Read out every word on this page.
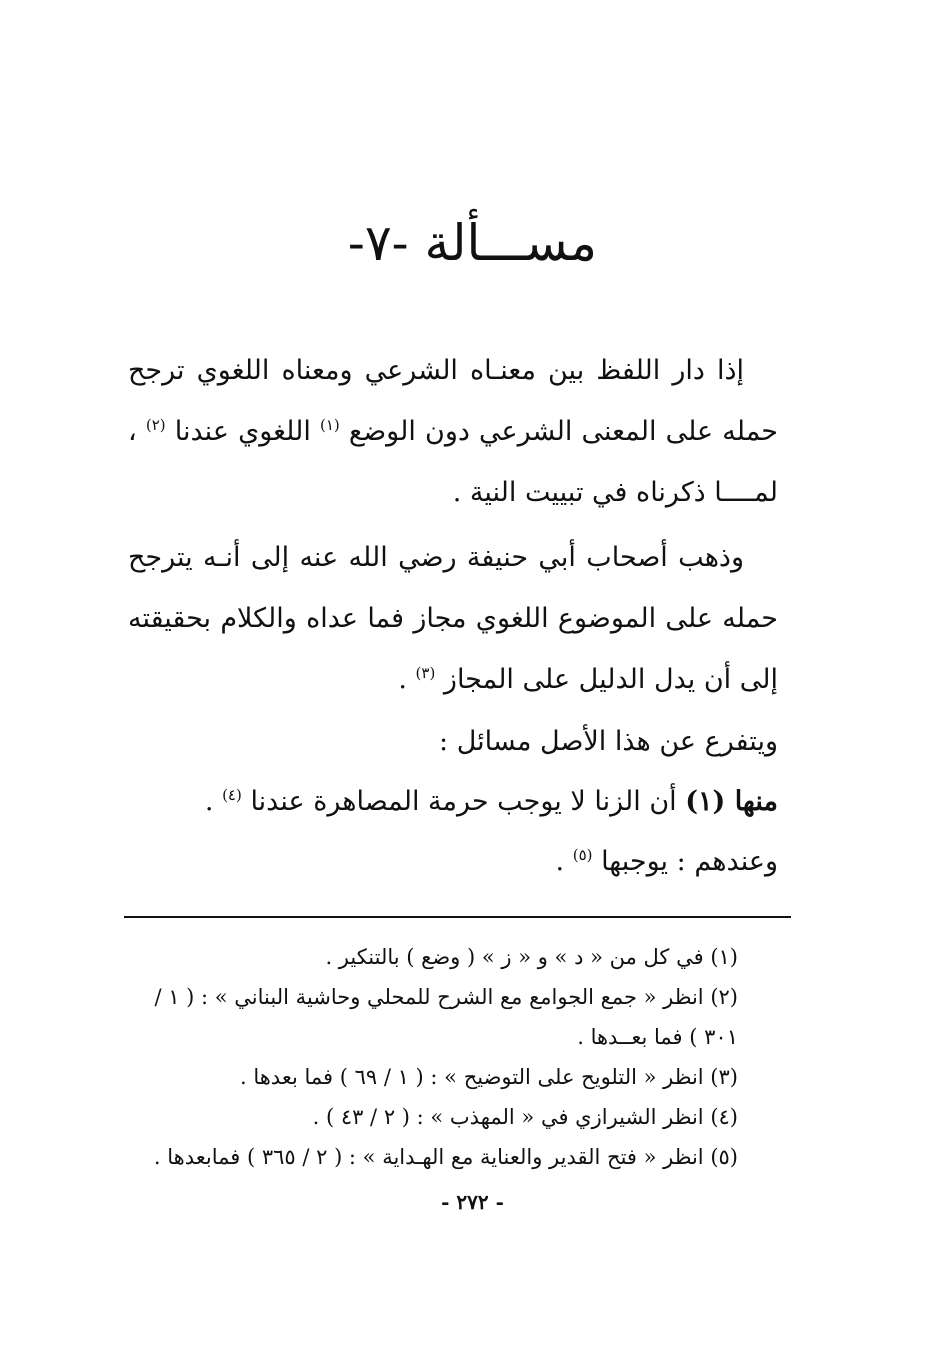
مســـألة -٧-
إذا دار اللفظ بين معنـاه الشرعي ومعناه اللغوي ترجح حمله على المعنى الشرعي دون الوضع $^{(١)}$ اللغوي عندنا $^{(٢)}$ ، لمــــا ذكرناه في تبييت النية .
وذهب أصحاب أبي حنيفة رضي الله عنه إلى أنـه يترجح حمله على الموضوع اللغوي مجاز فما عداه والكلام بحقيقته إلى أن يدل الدليل على المجاز $^{(٣)}$ .
ويتفرع عن هذا الأصل مسائل :
منها (١) أن الزنا لا يوجب حرمة المصاهرة عندنا $^{(٤)}$ .
وعندهم : يوجبها $^{(٥)}$ .
(١) في كل من « د » و « ز » ( وضع ) بالتنكير .
(٢) انظر « جمع الجوامع مع الشرح للمحلي وحاشية البناني » : ( ١ / ٣٠١ ) فما بعــدها .
(٣) انظر « التلويح على التوضيح » : ( ١ / ٦٩ ) فما بعدها .
(٤) انظر الشيرازي في « المهذب » : ( ٢ / ٤٣ ) .
(٥) انظر « فتح القدير والعناية مع الهـداية » : ( ٢ / ٣٦٥ ) فمابعدها .
- ٢٧٢ -
